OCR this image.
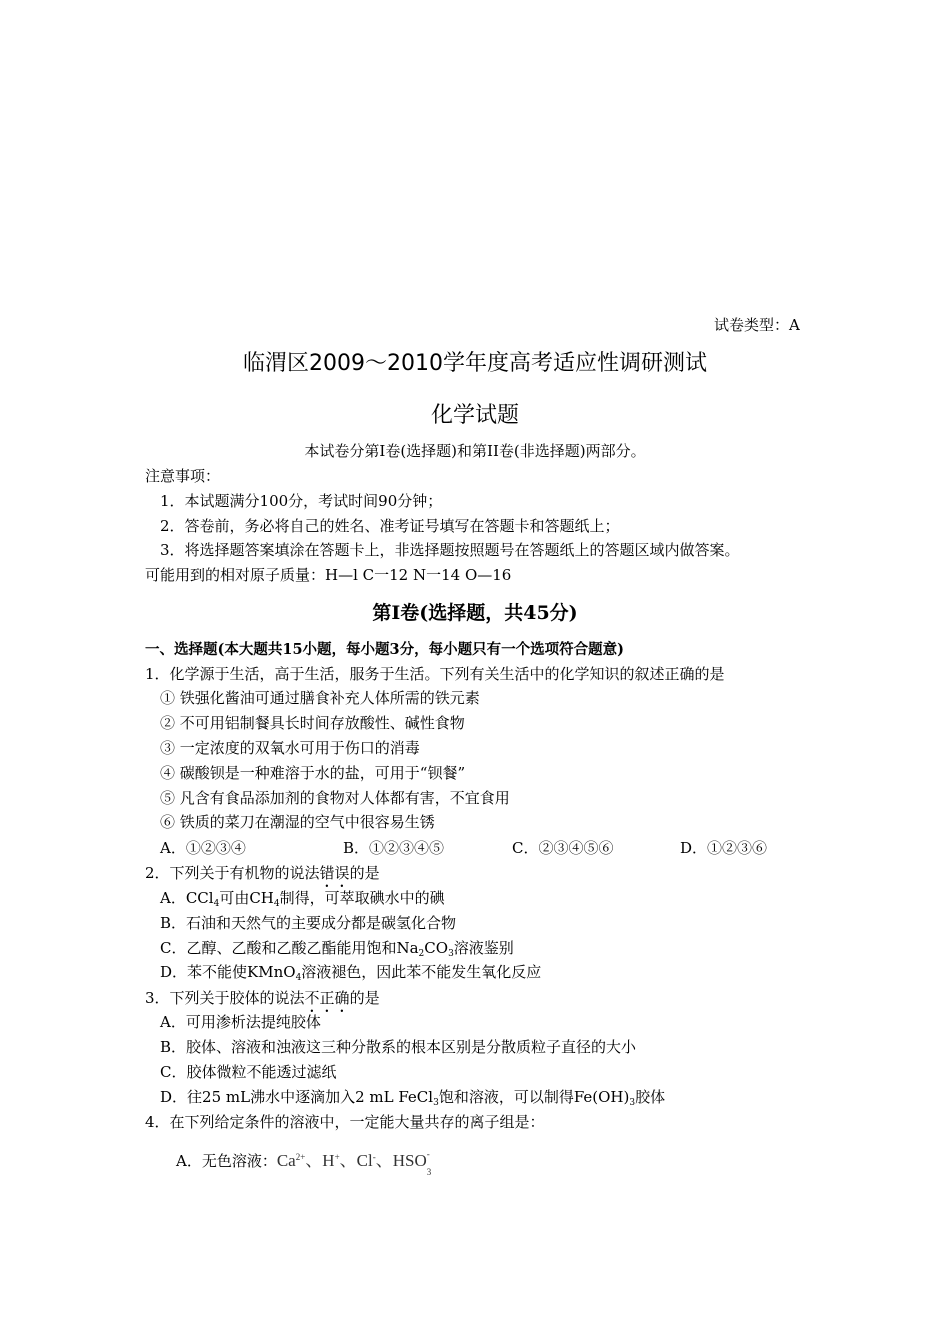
试卷类型：A
临渭区2009～2010学年度高考适应性调研测试
化学试题
本试卷分第I卷(选择题)和第II卷(非选择题)两部分。
注意事项：
1．本试题满分100分，考试时间90分钟；
2．答卷前，务必将自己的姓名、准考证号填写在答题卡和答题纸上；
3．将选择题答案填涂在答题卡上，非选择题按照题号在答题纸上的答题区域内做答案。
可能用到的相对原子质量：H—l C一12 N一14 O—16
第I卷(选择题，共45分)
一、选择题(本大题共15小题，每小题3分，每小题只有一个选项符合题意)
1．化学源于生活，高于生活，服务于生活。下列有关生活中的化学知识的叙述正确的是
① 铁强化酱油可通过膳食补充人体所需的铁元素
② 不可用铝制餐具长时间存放酸性、碱性食物
③ 一定浓度的双氧水可用于伤口的消毒
④ 碳酸钡是一种难溶于水的盐，可用于“钡餐”
⑤ 凡含有食品添加剂的食物对人体都有害，不宜食用
⑥ 铁质的菜刀在潮湿的空气中很容易生锈
A．①②③④	B．①②③④⑤	C．②③④⑤⑥	D．①②③⑥
2．下列关于有机物的说法错误的是
A．CCl$_4$可由$CH_4$制得，可萃取碘水中的碘
B．石油和天然气的主要成分都是碳氢化合物
C．乙醇、乙酸和乙酸乙酯能用饱和$Na_2CO_3$溶液鉴别
D．苯不能使KMnO$_4$溶液褪色，因此苯不能发生氧化反应
3．下列关于胶体的说法不正确的是
A．可用渗析法提纯胶体
B．胶体、溶液和浊液这三种分散系的根本区别是分散质粒子直径的大小
C．胶体微粒不能透过滤纸
D．往25 mL沸水中逐滴加入2 mL FeCl$_3$饱和溶液，可以制得$Fe(OH)_3$胶体
4．在下列给定条件的溶液中，一定能大量共存的离子组是：
A．无色溶液：$Ca^{2+}$、H+、Cl-、HSO -
3
